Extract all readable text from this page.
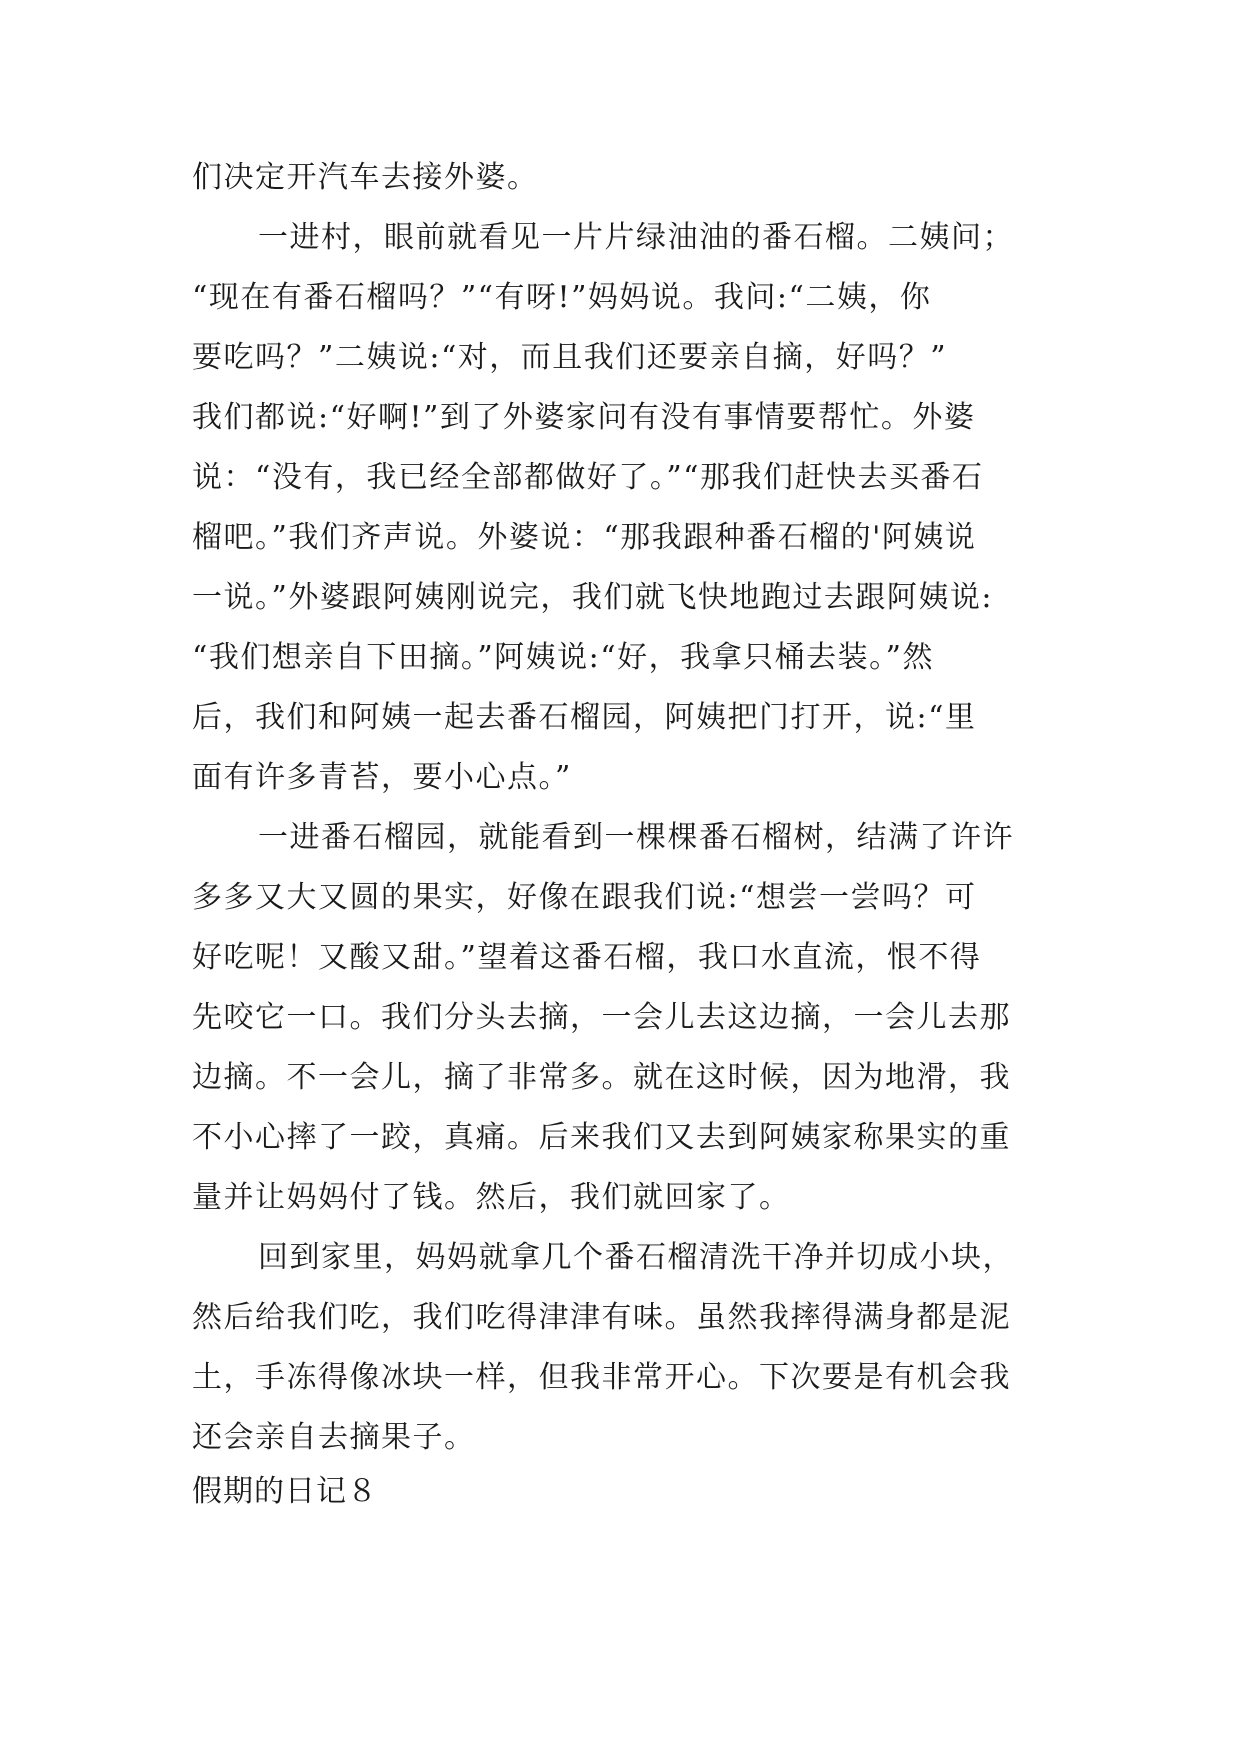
们决定开汽车去接外婆。
一进村，眼前就看见一片片绿油油的番石榴。二姨问；
“现在有番石榴吗？”“有呀!”妈妈说。我问:“二姨，你
要吃吗？”二姨说:“对，而且我们还要亲自摘，好吗？”
我们都说:“好啊!”到了外婆家问有没有事情要帮忙。外婆
说：“没有，我已经全部都做好了。”“那我们赶快去买番石
榴吧。”我们齐声说。外婆说：“那我跟种番石榴的'阿姨说
一说。”外婆跟阿姨刚说完，我们就飞快地跑过去跟阿姨说:
“我们想亲自下田摘。”阿姨说:“好，我拿只桶去装。”然
后，我们和阿姨一起去番石榴园，阿姨把门打开，说:“里
面有许多青苔，要小心点。”
一进番石榴园，就能看到一棵棵番石榴树，结满了许许
多多又大又圆的果实，好像在跟我们说:“想尝一尝吗？可
好吃呢！又酸又甜。”望着这番石榴，我口水直流，恨不得
先咬它一口。我们分头去摘，一会儿去这边摘，一会儿去那
边摘。不一会儿，摘了非常多。就在这时候，因为地滑，我
不小心摔了一跤，真痛。后来我们又去到阿姨家称果实的重
量并让妈妈付了钱。然后，我们就回家了。
回到家里，妈妈就拿几个番石榴清洗干净并切成小块，
然后给我们吃，我们吃得津津有味。虽然我摔得满身都是泥
土，手冻得像冰块一样，但我非常开心。下次要是有机会我
还会亲自去摘果子。
假期的日记８
